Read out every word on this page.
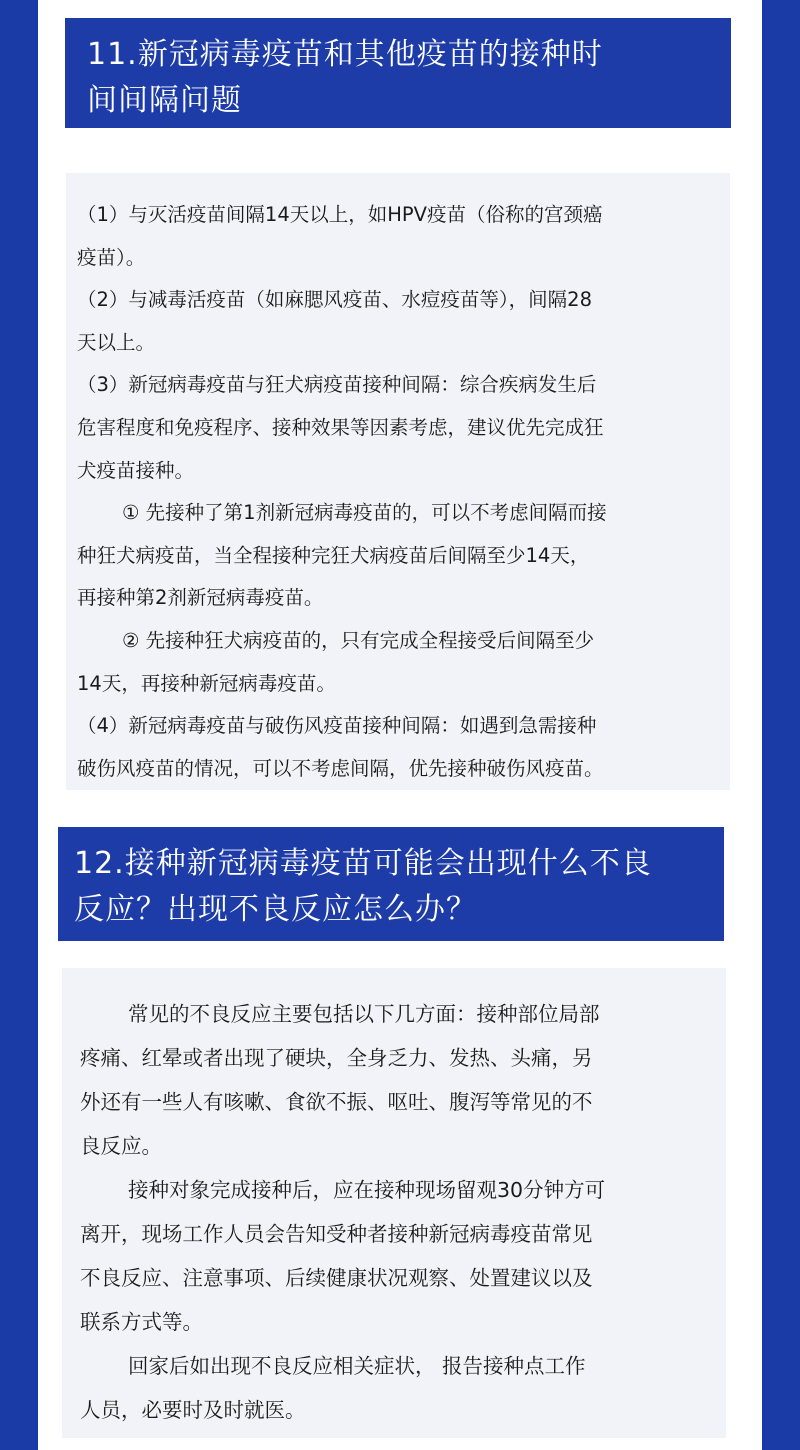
11.新冠病毒疫苗和其他疫苗的接种时
间间隔问题
（1）与灭活疫苗间隔14天以上，如HPV疫苗（俗称的宫颈癌
疫苗）。
（2）与减毒活疫苗（如麻腮风疫苗、水痘疫苗等），间隔28
天以上。
（3）新冠病毒疫苗与狂犬病疫苗接种间隔：综合疾病发生后
危害程度和免疫程序、接种效果等因素考虑，建议优先完成狂
犬疫苗接种。
① 先接种了第1剂新冠病毒疫苗的，可以不考虑间隔而接
种狂犬病疫苗，当全程接种完狂犬病疫苗后间隔至少14天，
再接种第2剂新冠病毒疫苗。
② 先接种狂犬病疫苗的，只有完成全程接受后间隔至少
14天，再接种新冠病毒疫苗。
（4）新冠病毒疫苗与破伤风疫苗接种间隔：如遇到急需接种
破伤风疫苗的情况，可以不考虑间隔，优先接种破伤风疫苗。
12.接种新冠病毒疫苗可能会出现什么不良
反应？出现不良反应怎么办？
常见的不良反应主要包括以下几方面：接种部位局部
疼痛、红晕或者出现了硬块，全身乏力、发热、头痛，另
外还有一些人有咳嗽、食欲不振、呕吐、腹泻等常见的不
良反应。
接种对象完成接种后，应在接种现场留观30分钟方可
离开，现场工作人员会告知受种者接种新冠病毒疫苗常见
不良反应、注意事项、后续健康状况观察、处置建议以及
联系方式等。
回家后如出现不良反应相关症状， 报告接种点工作
人员，必要时及时就医。
